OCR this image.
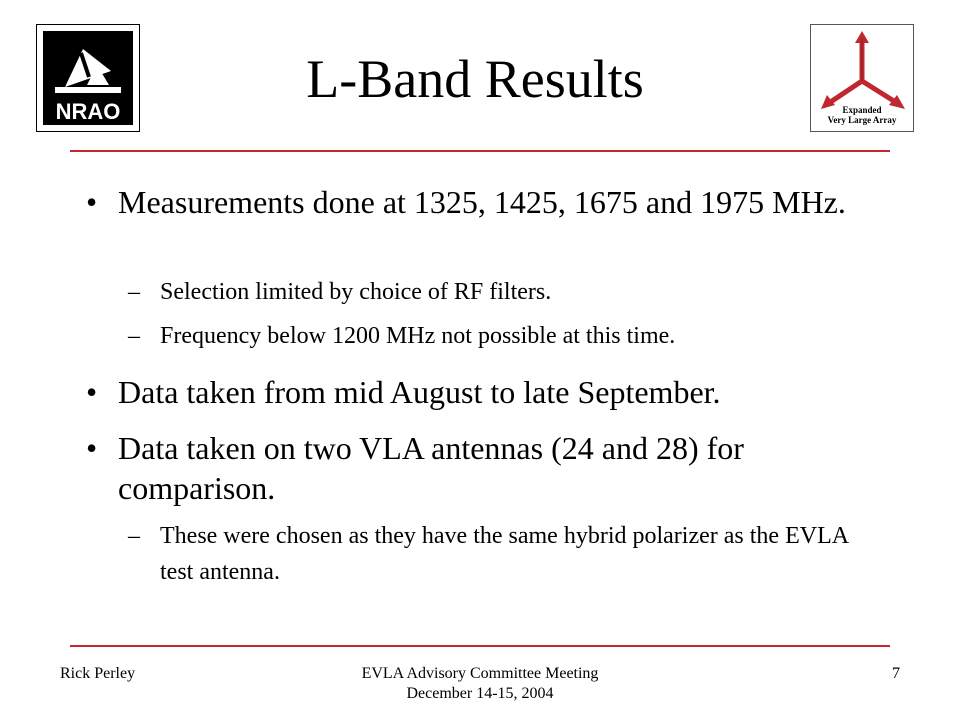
NRAO	Expanded
Very Large Array
L-Band Results
• Measurements done at 1325, 1425, 1675 and 1975 MHz.
– Selection limited by choice of RF filters.
– Frequency below 1200 MHz not possible at this time.
• Data taken from mid August to late September.
• Data taken on two VLA antennas (24 and 28) for comparison.
– These were chosen as they have the same hybrid polarizer as the EVLA test antenna.
Rick Perley	EVLA Advisory Committee Meeting
December 14-15, 2004
7
